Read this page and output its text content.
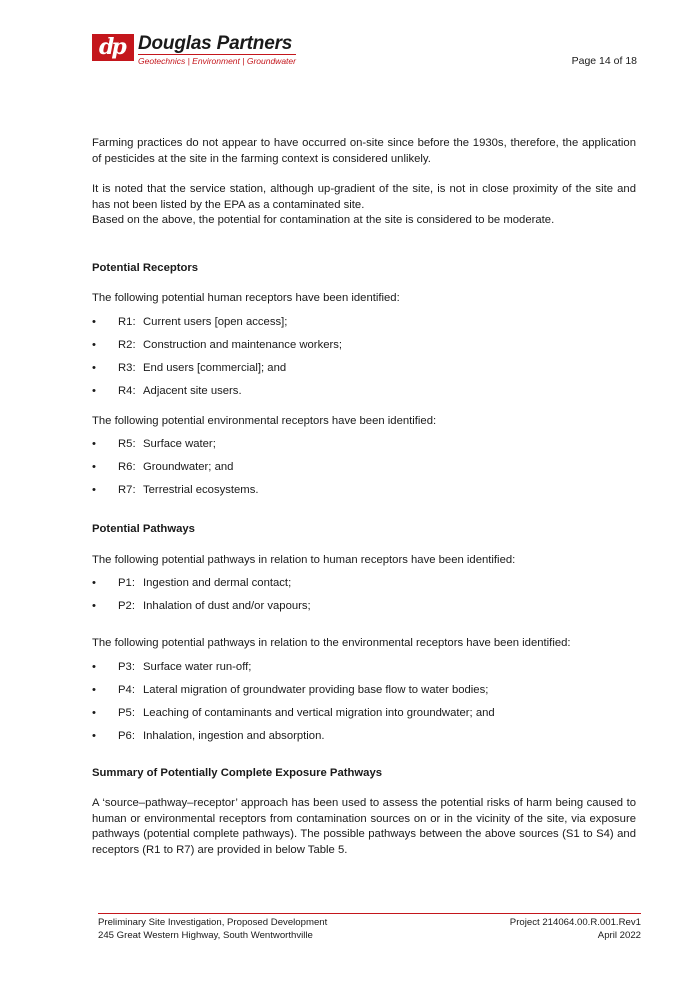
dp Douglas Partners
Geotechnics | Environment | Groundwater	Page 14 of 18

Farming practices do not appear to have occurred on-site since before the 1930s, therefore, the application of pesticides at the site in the farming context is considered unlikely.

It is noted that the service station, although up-gradient of the site, is not in close proximity of the site and has not been listed by the EPA as a contaminated site.

Based on the above, the potential for contamination at the site is considered to be moderate.

Potential Receptors

The following potential human receptors have been identified:

• R1: Current users [open access];
• R2: Construction and maintenance workers;
• R3: End users [commercial]; and
• R4: Adjacent site users.

The following potential environmental receptors have been identified:

• R5: Surface water;
• R6: Groundwater; and
• R7: Terrestrial ecosystems.
Potential Pathways

The following potential pathways in relation to human receptors have been identified:

• P1: Ingestion and dermal contact;
• P2: Inhalation of dust and/or vapours;

The following potential pathways in relation to the environmental receptors have been identified:

• P3: Surface water run-off;
• P4: Lateral migration of groundwater providing base flow to water bodies;
• P5: Leaching of contaminants and vertical migration into groundwater; and
• P6: Inhalation, ingestion and absorption.
Summary of Potentially Complete Exposure Pathways

A ‘source–pathway–receptor’ approach has been used to assess the potential risks of harm being caused to human or environmental receptors from contamination sources on or in the vicinity of the site, via exposure pathways (potential complete pathways). The possible pathways between the above sources (S1 to S4) and receptors (R1 to R7) are provided in below Table 5.

Preliminary Site Investigation, Proposed Development
245 Great Western Highway, South Wentworthville
Project 214064.00.R.001.Rev1
April 2022
